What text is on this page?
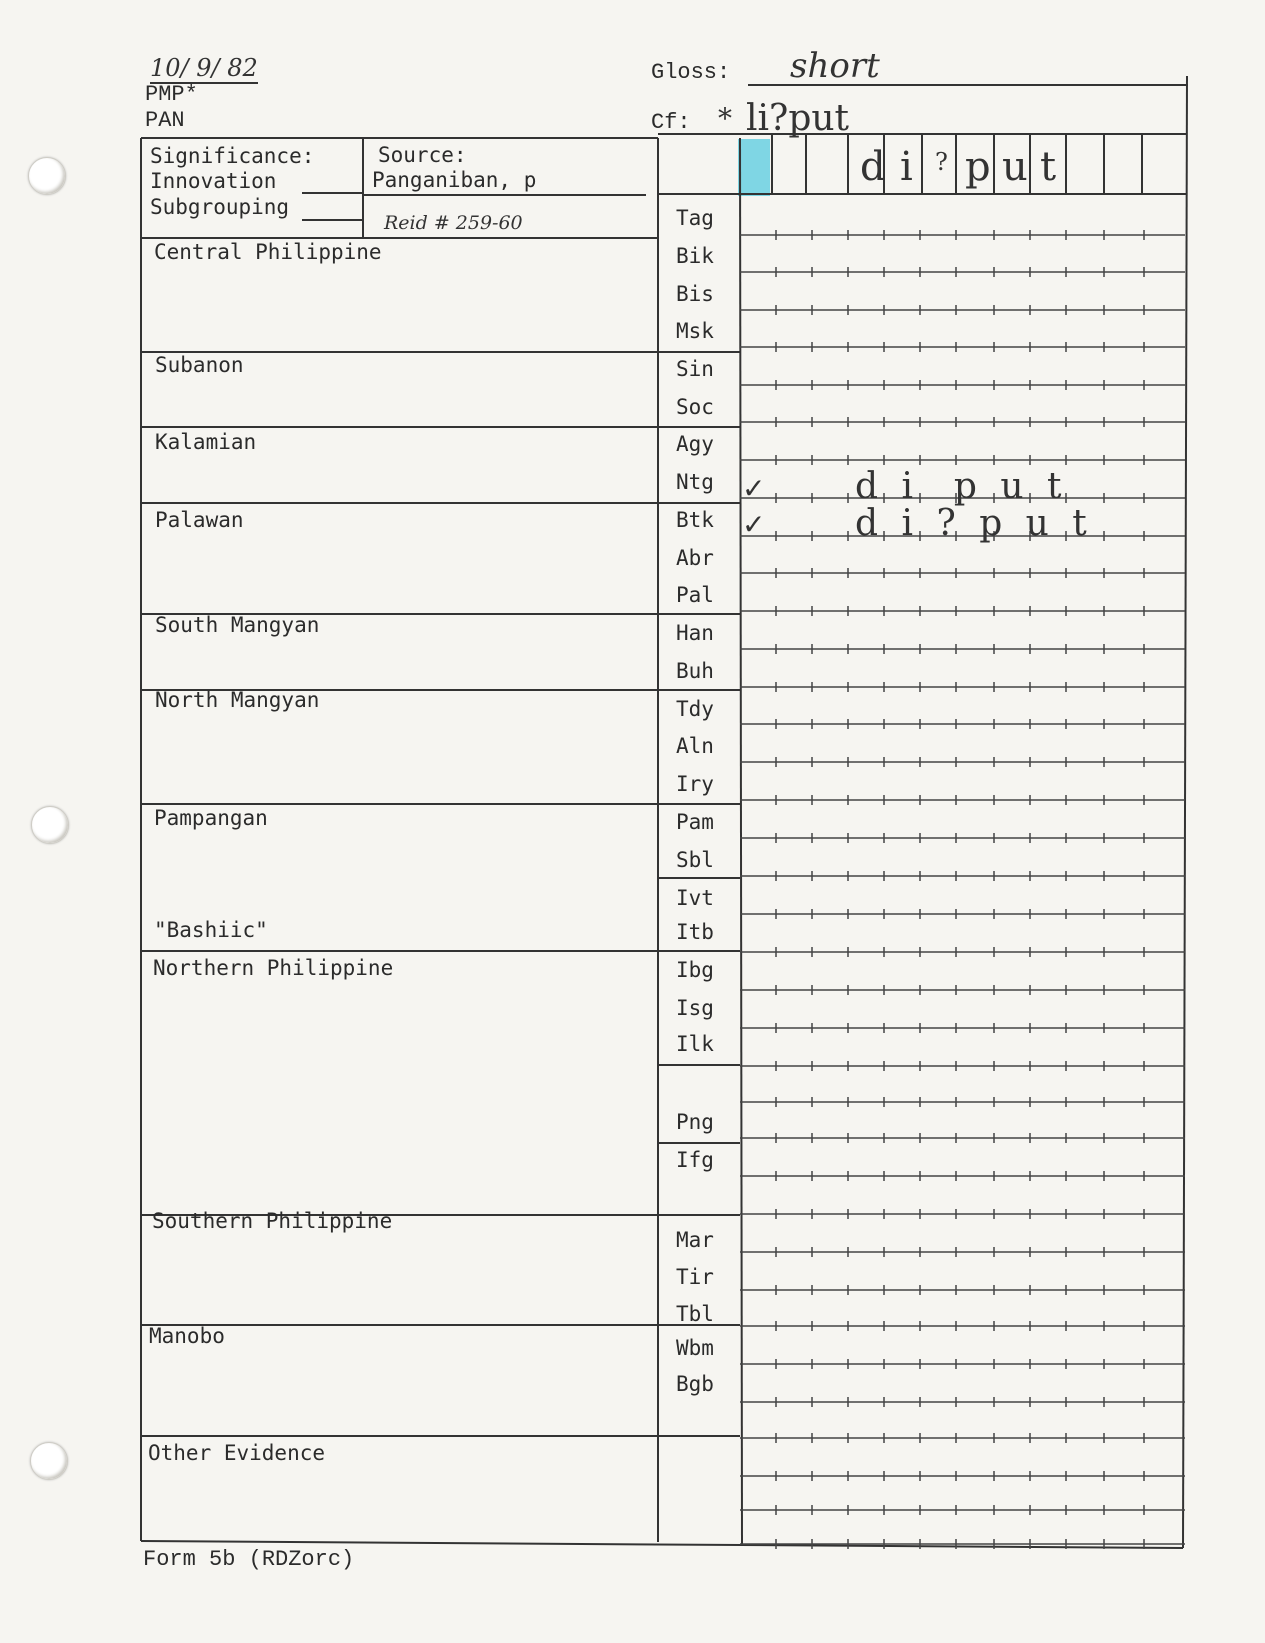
10/ 9/ 82
PMP*
PAN
Gloss: short
Cf: * li?put
Significance:
Innovation
Subgrouping
Source:
Panganiban, p
Reid # 259-60
Central Philippine
Subanon
Kalamian
Palawan
South Mangyan
North Mangyan
Pampangan
"Bashiic"
Northern Philippine
Southern Philippine
Manobo
Other Evidence
Tag
Bik
Bis
Msk
Sin
Soc
Agy
Ntg
Btk
Abr
Pal
Han
Buh
Tdy
Aln
Iry
Pam
Sbl
Ivt
Itb
Ibg
Isg
Ilk
Png
Ifg
Mar
Tir
Tbl
Wbm
Bgb
d i ? p u t
✓ d i  p u t
✓ d i ? p u t
Form 5b (RDZorc)
